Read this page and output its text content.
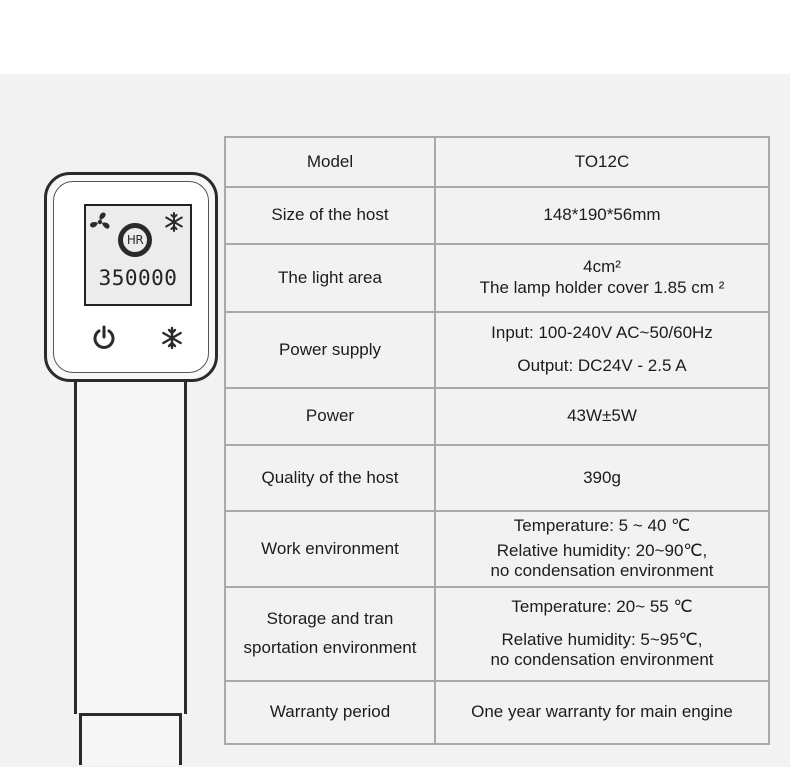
HR
350000
Model	TO12C

Size of the host	148*190*56mm

The light area	4cm²
The lamp holder cover 1.85 cm ²

Power supply	Input: 100-240V AC~50/60Hz
Output: DC24V - 2.5 A

Power	43W±5W

Quality of the host	390g

Work environment	Temperature: 5 ~ 40 ℃
Relative humidity: 20~90℃,
no condensation environment

Storage and tran
sportation environment	Temperature: 20~ 55 ℃
Relative humidity: 5~95℃,
no condensation environment

Warranty period	One year warranty for main engine
